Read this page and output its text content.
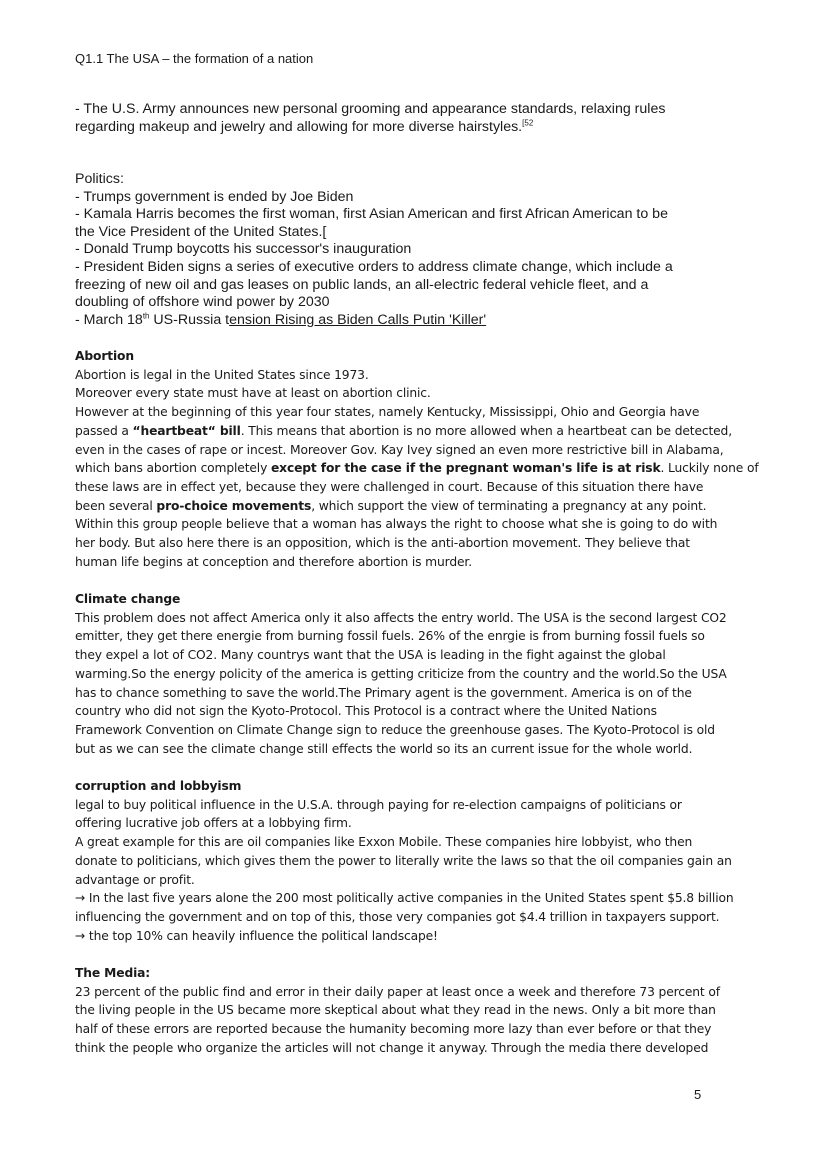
Q1.1 The USA – the formation of a nation
- The U.S. Army announces new personal grooming and appearance standards, relaxing rules
regarding makeup and jewelry and allowing for more diverse hairstyles.$^{[52}$
Politics:
- Trumps government is ended by Joe Biden
- Kamala Harris becomes the first woman, first Asian American and first African American to be
the Vice President of the United States.[
- Donald Trump boycotts his successor's inauguration
- President Biden signs a series of executive orders to address climate change, which include a
freezing of new oil and gas leases on public lands, an all-electric federal vehicle fleet, and a
doubling of offshore wind power by 2030
- March 18th US-Russia tension Rising as Biden Calls Putin 'Killer'
Abortion
Abortion is legal in the United States since 1973.
Moreover every state must have at least on abortion clinic.
However at the beginning of this year four states, namely Kentucky, Mississippi, Ohio and Georgia have
passed a “heartbeat“ bill. This means that abortion is no more allowed when a heartbeat can be detected,
even in the cases of rape or incest. Moreover Gov. Kay Ivey signed an even more restrictive bill in Alabama,
which bans abortion completely except for the case if the pregnant woman's life is at risk. Luckily none of
these laws are in effect yet, because they were challenged in court. Because of this situation there have
been several pro-choice movements, which support the view of terminating a pregnancy at any point.
Within this group people believe that a woman has always the right to choose what she is going to do with
her body. But also here there is an opposition, which is the anti-abortion movement. They believe that
human life begins at conception and therefore abortion is murder.
Climate change
This problem does not affect America only it also affects the entry world. The USA is the second largest CO2
emitter, they get there energie from burning fossil fuels. 26% of the enrgie is from burning fossil fuels so
they expel a lot of CO2. Many countrys want that the USA is leading in the fight against the global
warming.So the energy policity of the america is getting criticize from the country and the world.So the USA
has to chance something to save the world.The Primary agent is the government. America is on of the
country who did not sign the Kyoto-Protocol. This Protocol is a contract where the United Nations
Framework Convention on Climate Change sign to reduce the greenhouse gases. The Kyoto-Protocol is old
but as we can see the climate change still effects the world so its an current issue for the whole world.
corruption and lobbyism
legal to buy political influence in the U.S.A. through paying for re-election campaigns of politicians or
offering lucrative job offers at a lobbying firm.
A great example for this are oil companies like Exxon Mobile. These companies hire lobbyist, who then
donate to politicians, which gives them the power to literally write the laws so that the oil companies gain an
advantage or profit.
→ In the last five years alone the 200 most politically active companies in the United States spent $5.8 billion
influencing the government and on top of this, those very companies got $4.4 trillion in taxpayers support.
→ the top 10% can heavily influence the political landscape!
The Media:
23 percent of the public find and error in their daily paper at least once a week and therefore 73 percent of
the living people in the US became more skeptical about what they read in the news. Only a bit more than
half of these errors are reported because the humanity becoming more lazy than ever before or that they
think the people who organize the articles will not change it anyway. Through the media there developed
5
